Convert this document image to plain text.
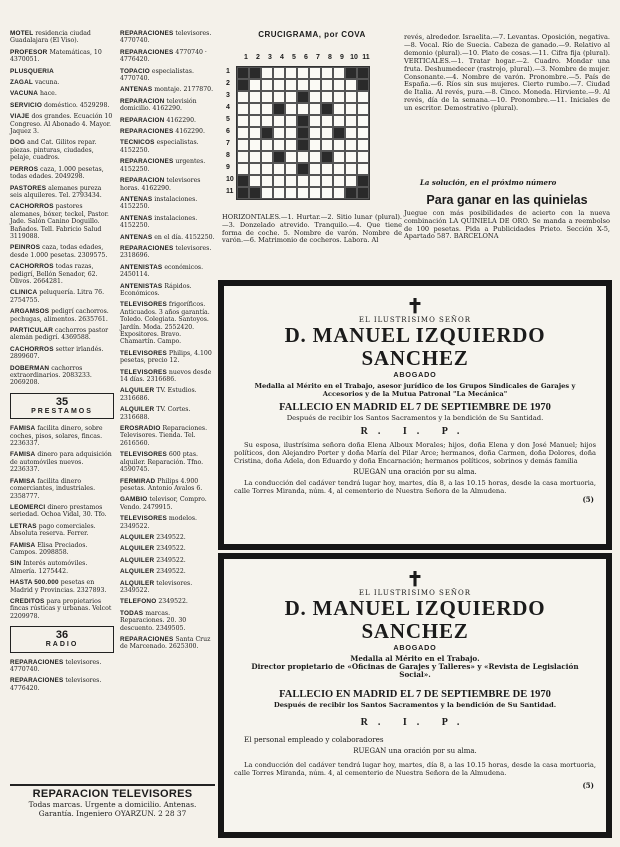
MOTEL residencia ciudad Guadalajara (El Viso).
PROFESOR Matemáticas, 10 4370051.
PLUSQUERIA
ZAGAL vacuna.
VACUNA hace.
SERVICIO doméstico. 4529298.
VIAJE dos grandes. Ecuación 10 Congreso. Al Abonado 4. Mayor. Jaquez 3.
DOG and Cat. Gilitos repar. piezas. pinturas, ciudades, pelaje, cuadros.
PERROS caza, 1.000 pesetas, todas edades. 2049298.
PASTORES alemanes pureza seis alquileres. Tel. 2793434.
CACHORROS pastores alemanes, bóxer, teckel, Pastor. Jade. Salón Canino Doguillo. Bañados. Tell. Fabricio Salud 3119088.
PEINROS caza, todas edades, desde 1.000 pesetas. 2309575.
CACHORROS todas razas, pedigrí, Bellón Senador, 62. Olivos. 2664281.
CLINICA peluquería. Litra 76. 2754755.
ARGAMSOS pedigrí cachorros. pechugas, alimentos. 2635761.
PARTICULAR cachorros pastor alemán pedigrí. 4369588.
CACHORROS setter irlandés. 2899607.
DOBERMAN cachorros extraordinarios. 2083233. 2069208.
35
PRESTAMOS
FAMISA facilita dinero, sobre coches, pisos, solares, fincas. 2236337.
FAMISA dinero para adquisición de automóviles nuevos. 2236337.
FAMISA facilita dinero comerciantes, industriales. 2358777.
LEOMERCI dinero prestamos seriedad. Ochoa Vidal, 30. Tfo.
LETRAS pago comerciales. Absoluta reserva. Ferrer.
FAMISA Elisa Preciados. Campos. 2098858.
SIN Interés automóviles. Almería. 1275442.
HASTA 500.000 pesetas en Madrid y Provincias. 2327893.
CREDITOS para propietarios fincas rústicas y urbanas. Velcot 2209978.
36
RADIO
REPARACIONES televisores. 4770740.
REPARACIONES televisores. 4776420.
REPARACIONES televisores. 4770740.
REPARACIONES 4770740 · 4776420.
TOPACIO especialistas. 4770740.
ANTENAS montaje. 2177870.
REPARACION televisión domicilio. 4162290.
REPARACION 4162290.
REPARACIONES 4162290.
TECNICOS especialistas. 4152250.
REPARACIONES urgentes. 4152250.
REPARACION televisores horas. 4162290.
ANTENAS instalaciones. 4152250.
ANTENAS instalaciones. 4152250.
ANTENAS en el día. 4152250.
REPARACIONES televisores. 2318696.
ANTENISTAS económicos. 2450114.
ANTENISTAS Rápidos. Económicos.
TELEVISORES frigoríficos. Anticuados. 3 años garantía. Toledo. Colegiata. Santoyos. Jardín. Moda. 2552420. Expositores. Bravo. Chamartín. Campo.
TELEVISORES Philips, 4.100 pesetas, precio 12.
TELEVISORES nuevos desde 14 días. 2316686.
ALQUILER TV. Estudios. 2316686.
ALQUILER TV. Cortes. 2316688.
EROSRADIO Reparaciones. Televisores. Tienda. Tel. 2616560.
TELEVISORES 600 ptas. alquiler. Reparación. Tfno. 4590745.
FERMIRAD Philips 4.900 pesetas. Antonio Avalos 6.
GAMBIO televisor, Compro. Vendo. 2479915.
TELEVISORES modelos. 2349522.
ALQUILER 2349522.
ALQUILER 2349522.
ALQUILER 2349522.
ALQUILER 2349522.
ALQUILER televisores. 2349522.
TELEFONO 2349522.
TODAS marcas. Reparaciones. 20. 30 descuento. 2349505.
REPARACIONES Santa Cruz de Marcenado. 2625300.
REPARACION TELEVISORES
Todas marcas. Urgente a domicilio. Antenas. Garantía. Ingeniero OYARZUN. 2 28 37
CRUCIGRAMA, por COVA
1 2 3 4 5 6 7 8 9 10 11
1
2
3
4
5
6
7
8
9
10
11
HORIZONTALES.—1. Hurtar.—2. Sitio lunar (plural).—3. Donzelado atrevido. Tranquilo.—4. Que tiene forma de coche. 5. Nombre de varón. Nombre de varón.—6. Matrimonio de cocheros. Labora. Al
revés, alrededor. Israelita.—7. Levantas. Oposición, negativa.—8. Vocal. Río de Suecia. Cabeza de ganado.—9. Relativo al demonio (plural).—10. Plato de cosas.—11. Cifra fija (plural). VERTICALES.—1. Tratar hogar.—2. Cuadro. Mondar una fruta. Deshumedecer (rastrojo, plural).—3. Nombre de mujer. Consonante.—4. Nombre de varón. Pronombre.—5. País de España.—6. Ríos sin sus mujeres. Cierto rumbo.—7. Ciudad de Italia. Al revés, pura.—8. Cinco. Moneda. Hirviente.—9. Al revés, día de la semana.—10. Pronombre.—11. Iniciales de un escritor. Demostrativo (plural).
La solución, en el próximo número
Para ganar en las quinielas
Juegue con más posibilidades de acierto con la nueva combinación LA QUINIELA DE ORO. Se manda a reembolso de 100 pesetas. Pida a Publicidades Prieto. Sección X-5, Apartado 587. BARCELONA
✝
EL ILUSTRISIMO SEÑOR
D. MANUEL IZQUIERDO SANCHEZ
ABOGADO
Medalla al Mérito en el Trabajo, asesor jurídico de los Grupos Sindicales de Garajes y Accesorios y de la Mutua Patronal "La Mecánica"
FALLECIO EN MADRID EL 7 DE SEPTIEMBRE DE 1970
Después de recibir los Santos Sacramentos y la bendición de Su Santidad.
R. I. P.
Su esposa, ilustrísima señora doña Elena Alboux Morales; hijos, doña Elena y don José Manuel; hijos políticos, don Alejandro Porter y doña María del Pilar Arce; hermanos, doña Carmen, doña Dolores, doña Cristina, doña Adela, don Eduardo y doña Encarnación; hermanos políticos, sobrinos y demás familia
RUEGAN una oración por su alma.
La conducción del cadáver tendrá lugar hoy, martes, día 8, a las 10.15 horas, desde la casa mortuoria, calle Torres Miranda, núm. 4, al cementerio de Nuestra Señora de la Almudena.
(5)
✝
EL ILUSTRISIMO SEÑOR
D. MANUEL IZQUIERDO SANCHEZ
ABOGADO
Medalla al Mérito en el Trabajo.
Director propietario de «Oficinas de Garajes y Talleres» y «Revista de Legislación Social».
FALLECIO EN MADRID EL 7 DE SEPTIEMBRE DE 1970
Después de recibir los Santos Sacramentos y la bendición de Su Santidad.
R. I. P.
El personal empleado y colaboradores
RUEGAN una oración por su alma.
La conducción del cadáver tendrá lugar hoy, martes, día 8, a las 10.15 horas, desde la casa mortuoria, calle Torres Miranda, núm. 4, al cementerio de Nuestra Señora de la Almudena.
(5)
